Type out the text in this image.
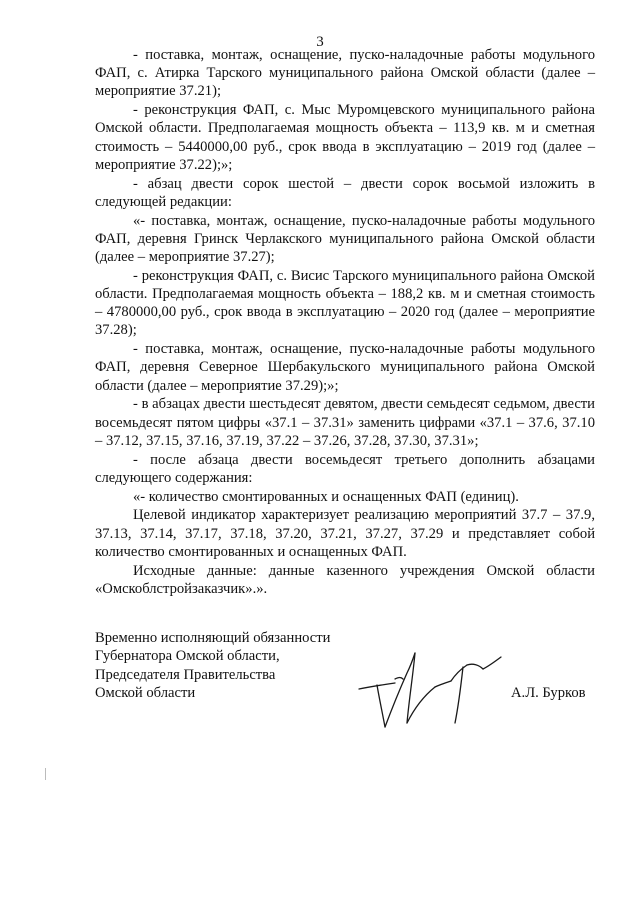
3

- поставка, монтаж, оснащение, пуско-наладочные работы модульного ФАП, с. Атирка Тарского муниципального района Омской области (далее – мероприятие 37.21);

- реконструкция ФАП, с. Мыс Муромцевского муниципального района Омской области. Предполагаемая мощность объекта – 113,9 кв. м и сметная стоимость – 5440000,00 руб., срок ввода в эксплуатацию – 2019 год (далее – мероприятие 37.22);»;

- абзац двести сорок шестой – двести сорок восьмой изложить в следующей редакции:

«- поставка, монтаж, оснащение, пуско-наладочные работы модульного ФАП, деревня Гринск Черлакского муниципального района Омской области (далее – мероприятие 37.27);

- реконструкция ФАП, с. Висис Тарского муниципального района Омской области. Предполагаемая мощность объекта – 188,2 кв. м и сметная стоимость – 4780000,00 руб., срок ввода в эксплуатацию – 2020 год (далее – мероприятие 37.28);

- поставка, монтаж, оснащение, пуско-наладочные работы модульного ФАП, деревня Северное Шербакульского муниципального района Омской области (далее – мероприятие 37.29);»;

- в абзацах двести шестьдесят девятом, двести семьдесят седьмом, двести восемьдесят пятом цифры «37.1 – 37.31» заменить цифрами «37.1 – 37.6, 37.10 – 37.12, 37.15, 37.16, 37.19, 37.22 – 37.26, 37.28, 37.30, 37.31»;

- после абзаца двести восемьдесят третьего дополнить абзацами следующего содержания:

«- количество смонтированных и оснащенных ФАП (единиц).

Целевой индикатор характеризует реализацию мероприятий 37.7 – 37.9, 37.13, 37.14, 37.17, 37.18, 37.20, 37.21, 37.27, 37.29 и представляет собой количество смонтированных и оснащенных ФАП.

Исходные данные: данные казенного учреждения Омской области «Омскоблстройзаказчик».».

Временно исполняющий обязанности
Губернатора Омской области,
Председателя Правительства
Омской области	А.Л. Бурков
